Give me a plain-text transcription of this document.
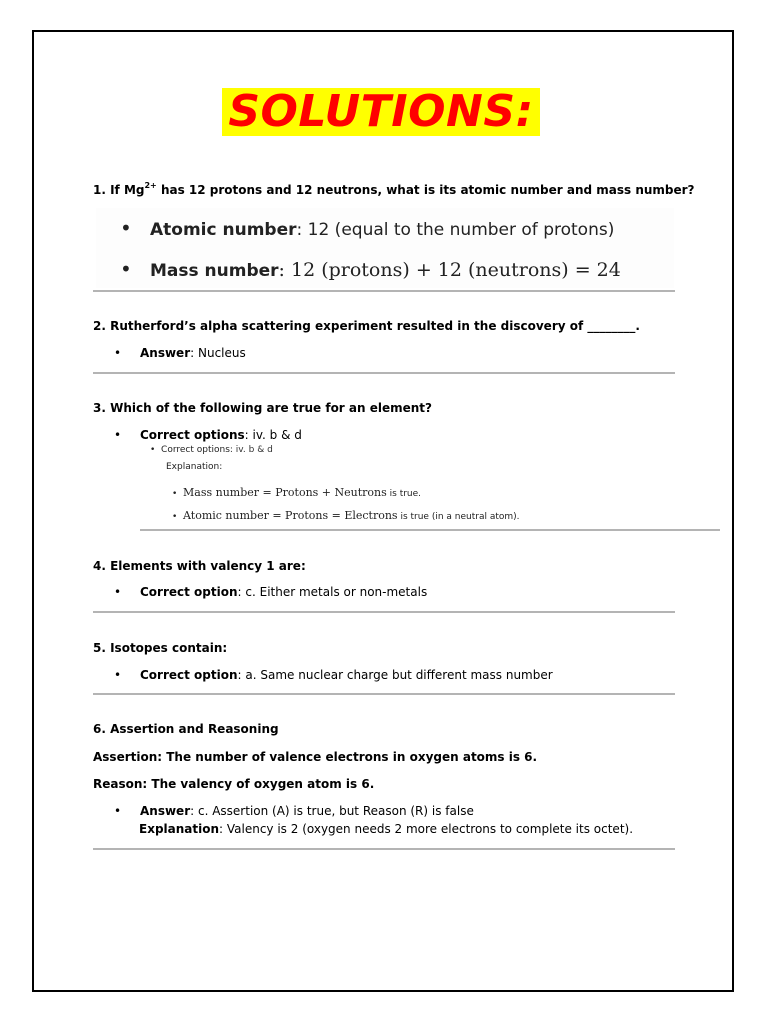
SOLUTIONS:
1. If $Mg^{2+}$ has 12 protons and 12 neutrons, what is its atomic number and mass number?
• Atomic number: 12 (equal to the number of protons)
• Mass number: 12 (protons) + 12 (neutrons) = 24
2. Rutherford’s alpha scattering experiment resulted in the discovery of ________.
• Answer: Nucleus
3. Which of the following are true for an element?
• Correct options: iv. b & d
•  Correct options: iv. b & d
Explanation:
•  Mass number = Protons + Neutrons is true.
•  Atomic number = Protons = Electrons is true (in a neutral atom).
4. Elements with valency 1 are:
• Correct option: c. Either metals or non-metals
5. Isotopes contain:
• Correct option: a. Same nuclear charge but different mass number
6. Assertion and Reasoning
Assertion: The number of valence electrons in oxygen atoms is 6.
Reason: The valency of oxygen atom is 6.
• Answer: c. Assertion (A) is true, but Reason (R) is false
Explanation: Valency is 2 (oxygen needs 2 more electrons to complete its octet).
